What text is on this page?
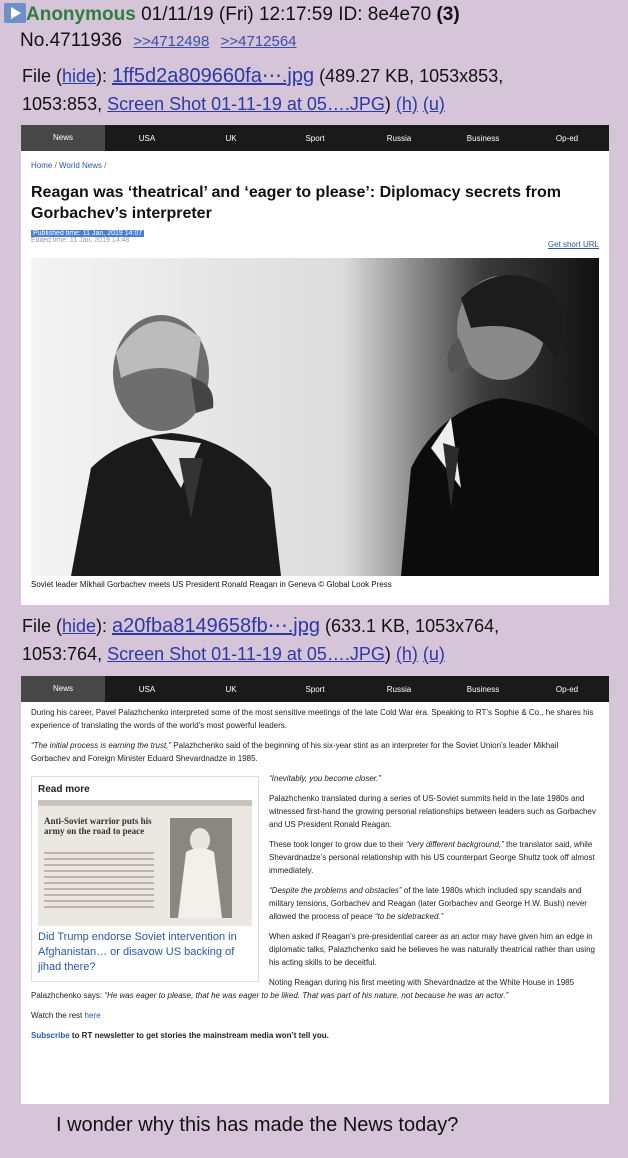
Anonymous 01/11/19 (Fri) 12:17:59 ID: 8e4e70 (3)
No.4711936 >>4712498 >>4712564
File (hide): 1ff5d2a809660fa⋯.jpg (489.27 KB, 1053x853,
1053:853, Screen Shot 01-11-19 at 05….JPG) (h) (u)
News	USA	UK	Sport	Russia	Business	Op-ed
Home / World News /
Reagan was ‘theatrical’ and ‘eager to please’: Diplomacy secrets from Gorbachev’s interpreter
Published time: 11 Jan, 2019 14:07
Edited time: 11 Jan, 2019 14:48	Get short URL
Soviet leader Mikhail Gorbachev meets US President Ronald Reagan in Geneva © Global Look Press
File (hide): a20fba8149658fb⋯.jpg (633.1 KB, 1053x764,
1053:764, Screen Shot 01-11-19 at 05….JPG) (h) (u)
News	USA	UK	Sport	Russia	Business	Op-ed

During his career, Pavel Palazhchenko interpreted some of the most sensitive meetings of the late Cold War era. Speaking to RT’s Sophie & Co., he shares his experience of translating the words of the world’s most powerful leaders.

“The initial process is earning the trust,” Palazhchenko said of the beginning of his six-year stint as an interpreter for the Soviet Union’s leader Mikhail Gorbachev and Foreign Minister Eduard Shevardnadze in 1985.

Read more
Anti-Soviet warrior puts his army on the road to peace
Did Trump endorse Soviet intervention in Afghanistan… or disavow US backing of jihad there?

“Inevitably, you become closer.”

Palazhchenko translated during a series of US-Soviet summits held in the late 1980s and witnessed first-hand the growing personal relationships between leaders such as Gorbachev and US President Ronald Reagan.

These took longer to grow due to their “very different background,” the translator said, while Shevardnadze’s personal relationship with his US counterpart George Shultz took off almost immediately.

“Despite the problems and obstacles” of the late 1980s which included spy scandals and military tensions, Gorbachev and Reagan (later Gorbachev and George H.W. Bush) never allowed the process of peace “to be sidetracked.”

When asked if Reagan’s pre-presidential career as an actor may have given him an edge in diplomatic talks, Palazhchenko said he believes he was naturally theatrical rather than using his acting skills to be deceitful.

Noting Reagan during his first meeting with Shevardnadze at the White House in 1985 Palazhchenko says: “He was eager to please, that he was eager to be liked. That was part of his nature, not because he was an actor.”

Watch the rest here

Subscribe to RT newsletter to get stories the mainstream media won’t tell you.

I wonder why this has made the News today?
